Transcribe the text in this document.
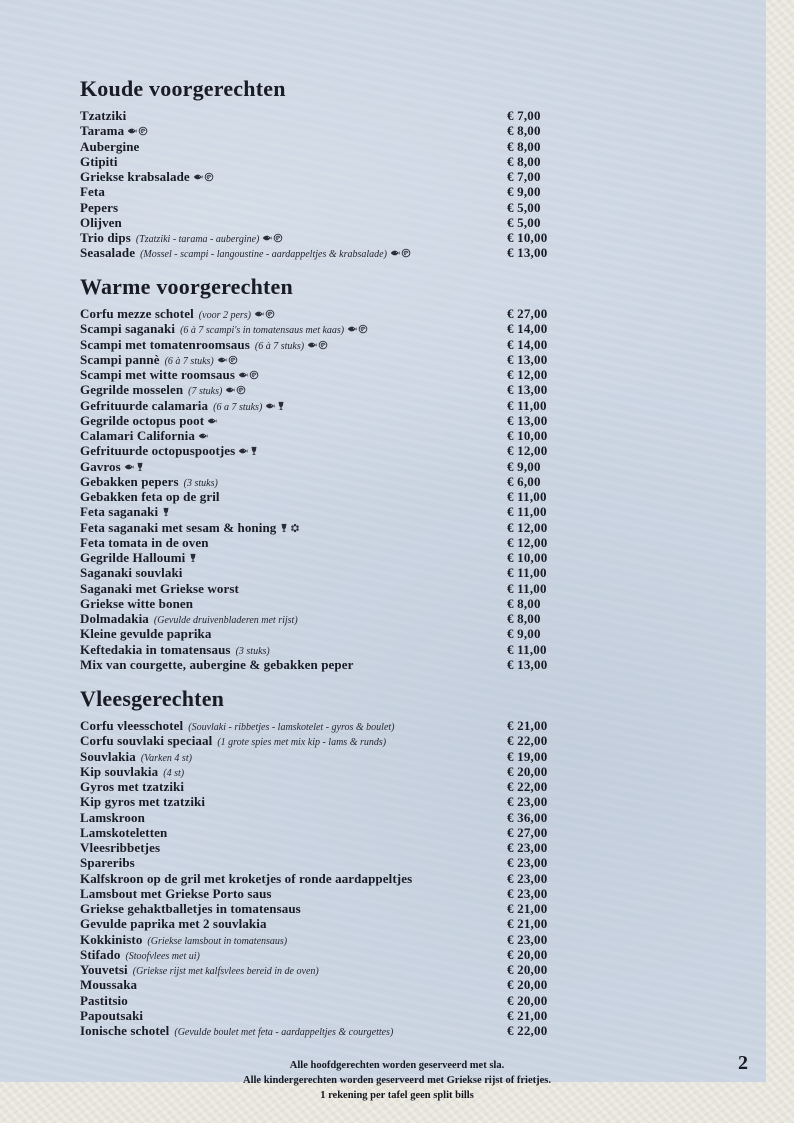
Koude voorgerechten
Tzatziki	€ 7,00
Tarama	€ 8,00
Aubergine	€ 8,00
Gtipiti	€ 8,00
Griekse krabsalade	€ 7,00
Feta	€ 9,00
Pepers	€ 5,00
Olijven	€ 5,00
Trio dips (Tzatziki - tarama - aubergine)	€ 10,00
Seasalade (Mossel - scampi - langoustine - aardappeltjes & krabsalade)	€ 13,00
Warme voorgerechten
Corfu mezze schotel (voor 2 pers)	€ 27,00
Scampi saganaki (6 à 7 scampi's in tomatensaus met kaas)	€ 14,00
Scampi met tomatenroomsaus (6 à 7 stuks)	€ 14,00
Scampi pannè (6 à 7 stuks)	€ 13,00
Scampi met witte roomsaus	€ 12,00
Gegrilde mosselen (7 stuks)	€ 13,00
Gefrituurde calamaria (6 a 7 stuks)	€ 11,00
Gegrilde octopus poot	€ 13,00
Calamari California	€ 10,00
Gefrituurde octopuspootjes	€ 12,00
Gavros	€ 9,00
Gebakken pepers (3 stuks)	€ 6,00
Gebakken feta op de gril	€ 11,00
Feta saganaki	€ 11,00
Feta saganaki met sesam & honing	€ 12,00
Feta tomata in de oven	€ 12,00
Gegrilde Halloumi	€ 10,00
Saganaki souvlaki	€ 11,00
Saganaki met Griekse worst	€ 11,00
Griekse witte bonen	€ 8,00
Dolmadakia (Gevulde druivenbladeren met rijst)	€ 8,00
Kleine gevulde paprika	€ 9,00
Keftedakia in tomatensaus (3 stuks)	€ 11,00
Mix van courgette, aubergine & gebakken peper	€ 13,00
Vleesgerechten
Corfu vleesschotel (Souvlaki - ribbetjes - lamskotelet - gyros & boulet)	€ 21,00
Corfu souvlaki speciaal (1 grote spies met mix kip - lams & runds)	€ 22,00
Souvlakia (Varken 4 st)	€ 19,00
Kip souvlakia (4 st)	€ 20,00
Gyros met tzatziki	€ 22,00
Kip gyros met tzatziki	€ 23,00
Lamskroon	€ 36,00
Lamskoteletten	€ 27,00
Vleesribbetjes	€ 23,00
Spareribs	€ 23,00
Kalfskroon op de gril met kroketjes of ronde aardappeltjes	€ 23,00
Lamsbout met Griekse Porto saus	€ 23,00
Griekse gehaktballetjes in tomatensaus	€ 21,00
Gevulde paprika met 2 souvlakia	€ 21,00
Kokkinisto (Griekse lamsbout in tomatensaus)	€ 23,00
Stifado (Stoofvlees met ui)	€ 20,00
Youvetsi (Griekse rijst met kalfsvlees bereid in de oven)	€ 20,00
Moussaka	€ 20,00
Pastitsio	€ 20,00
Papoutsaki	€ 21,00
Ionische schotel (Gevulde boulet met feta - aardappeltjes & courgettes)	€ 22,00
Alle hoofdgerechten worden geserveerd met sla.
Alle kindergerechten worden geserveerd met Griekse rijst of frietjes.
1 rekening per tafel geen split bills
2
